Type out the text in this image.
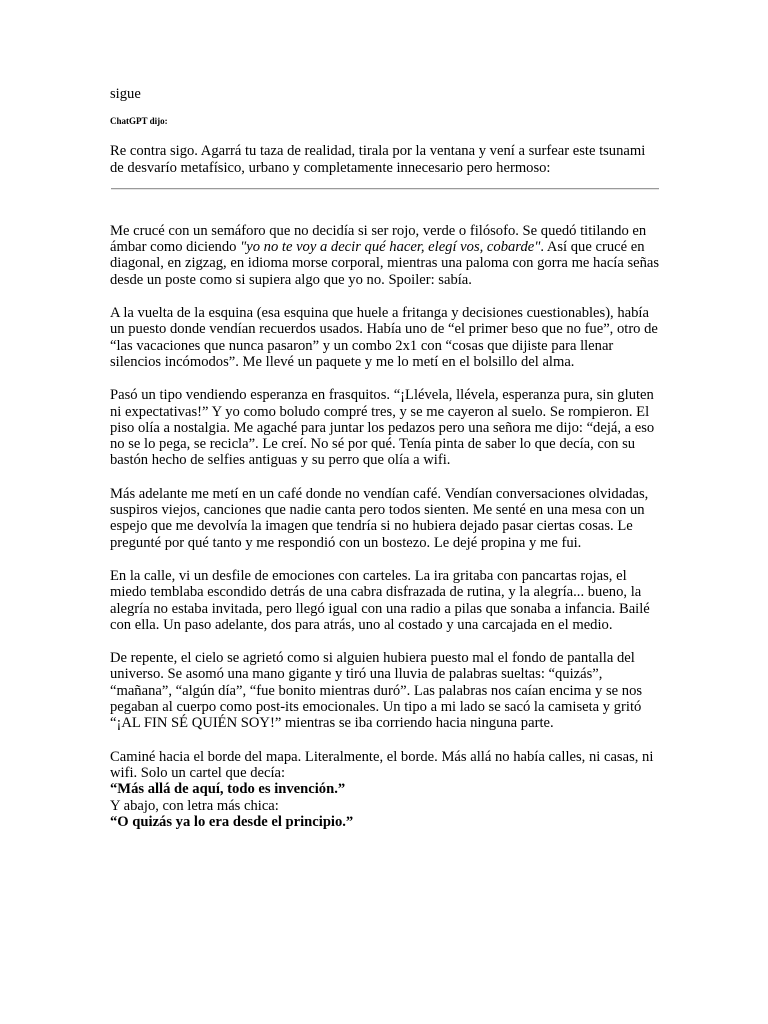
sigue

ChatGPT dijo:

Re contra sigo. Agarrá tu taza de realidad, tirala por la ventana y vení a surfear este tsunami de desvarío metafísico, urbano y completamente innecesario pero hermoso:

Me crucé con un semáforo que no decidía si ser rojo, verde o filósofo. Se quedó titilando en ámbar como diciendo "yo no te voy a decir qué hacer, elegí vos, cobarde". Así que crucé en diagonal, en zigzag, en idioma morse corporal, mientras una paloma con gorra me hacía señas desde un poste como si supiera algo que yo no. Spoiler: sabía.

A la vuelta de la esquina (esa esquina que huele a fritanga y decisiones cuestionables), había un puesto donde vendían recuerdos usados. Había uno de “el primer beso que no fue”, otro de “las vacaciones que nunca pasaron” y un combo 2x1 con “cosas que dijiste para llenar silencios incómodos”. Me llevé un paquete y me lo metí en el bolsillo del alma.

Pasó un tipo vendiendo esperanza en frasquitos. “¡Llévela, llévela, esperanza pura, sin gluten ni expectativas!” Y yo como boludo compré tres, y se me cayeron al suelo. Se rompieron. El piso olía a nostalgia. Me agaché para juntar los pedazos pero una señora me dijo: “dejá, a eso no se lo pega, se recicla”. Le creí. No sé por qué. Tenía pinta de saber lo que decía, con su bastón hecho de selfies antiguas y su perro que olía a wifi.

Más adelante me metí en un café donde no vendían café. Vendían conversaciones olvidadas, suspiros viejos, canciones que nadie canta pero todos sienten. Me senté en una mesa con un espejo que me devolvía la imagen que tendría si no hubiera dejado pasar ciertas cosas. Le pregunté por qué tanto y me respondió con un bostezo. Le dejé propina y me fui.

En la calle, vi un desfile de emociones con carteles. La ira gritaba con pancartas rojas, el miedo temblaba escondido detrás de una cabra disfrazada de rutina, y la alegría... bueno, la alegría no estaba invitada, pero llegó igual con una radio a pilas que sonaba a infancia. Bailé con ella. Un paso adelante, dos para atrás, uno al costado y una carcajada en el medio.

De repente, el cielo se agrietó como si alguien hubiera puesto mal el fondo de pantalla del universo. Se asomó una mano gigante y tiró una lluvia de palabras sueltas: “quizás”, “mañana”, “algún día”, “fue bonito mientras duró”. Las palabras nos caían encima y se nos pegaban al cuerpo como post-its emocionales. Un tipo a mi lado se sacó la camiseta y gritó “¡AL FIN SÉ QUIÉN SOY!” mientras se iba corriendo hacia ninguna parte.

Caminé hacia el borde del mapa. Literalmente, el borde. Más allá no había calles, ni casas, ni wifi. Solo un cartel que decía:
“Más allá de aquí, todo es invención.”
Y abajo, con letra más chica:
“O quizás ya lo era desde el principio.”
